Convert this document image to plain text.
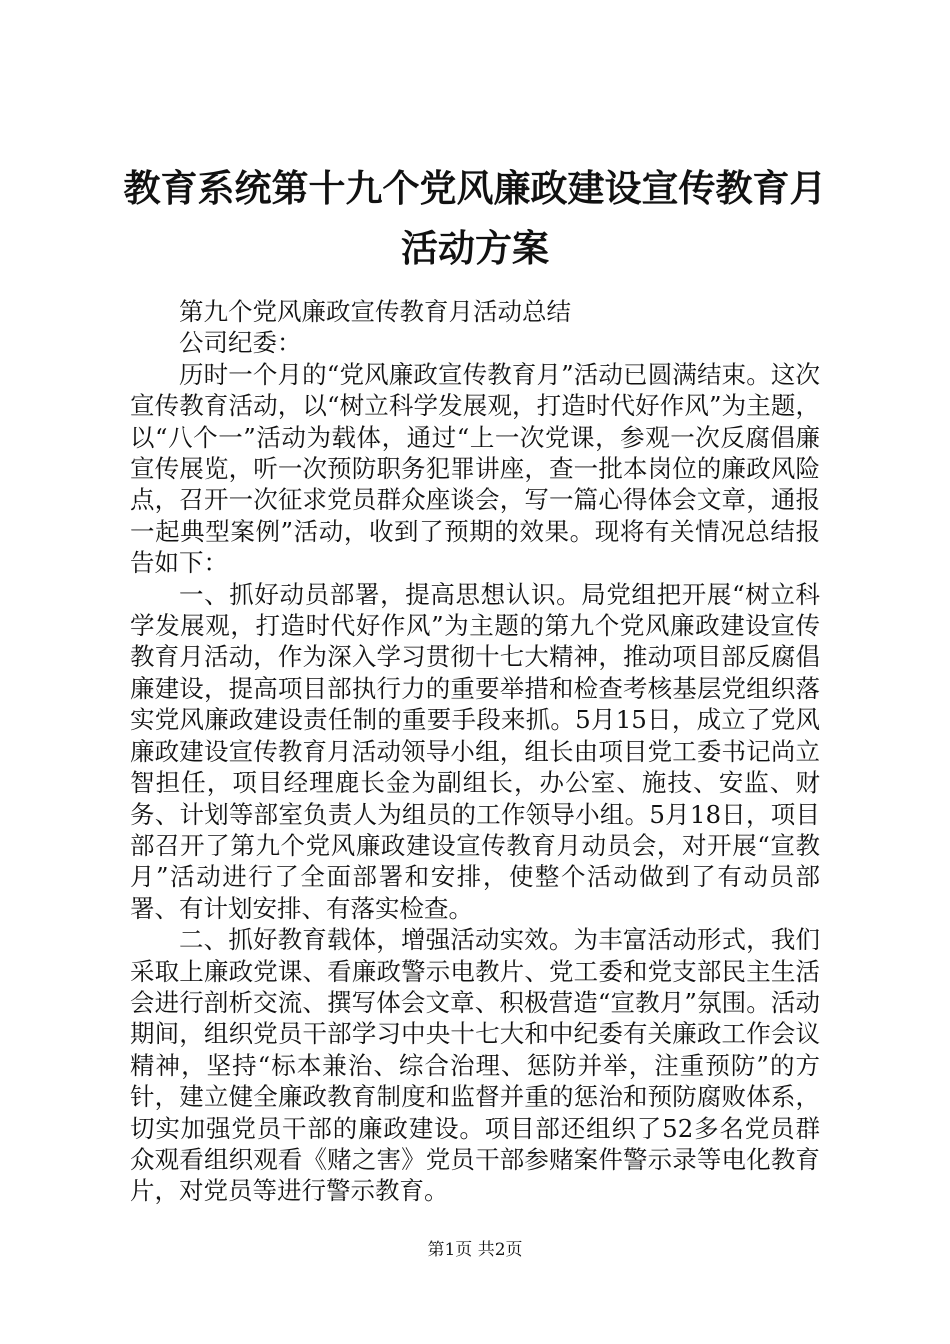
教育系统第十九个党风廉政建设宣传教育月活动方案

第九个党风廉政宣传教育月活动总结

公司纪委：

历时一个月的“党风廉政宣传教育月”活动已圆满结束。这次宣传教育活动，以“树立科学发展观，打造时代好作风”为主题，以“八个一”活动为载体，通过“上一次党课，参观一次反腐倡廉宣传展览，听一次预防职务犯罪讲座，查一批本岗位的廉政风险点，召开一次征求党员群众座谈会，写一篇心得体会文章，通报一起典型案例”活动，收到了预期的效果。现将有关情况总结报告如下：

一、抓好动员部署，提高思想认识。局党组把开展“树立科学发展观，打造时代好作风”为主题的第九个党风廉政建设宣传教育月活动，作为深入学习贯彻十七大精神，推动项目部反腐倡廉建设，提高项目部执行力的重要举措和检查考核基层党组织落实党风廉政建设责任制的重要手段来抓。5月15日，成立了党风廉政建设宣传教育月活动领导小组，组长由项目党工委书记尚立智担任，项目经理鹿长金为副组长，办公室、施技、安监、财务、计划等部室负责人为组员的工作领导小组。5月18日，项目部召开了第九个党风廉政建设宣传教育月动员会，对开展“宣教月”活动进行了全面部署和安排，使整个活动做到了有动员部署、有计划安排、有落实检查。

二、抓好教育载体，增强活动实效。为丰富活动形式，我们采取上廉政党课、看廉政警示电教片、党工委和党支部民主生活会进行剖析交流、撰写体会文章、积极营造“宣教月”氛围。活动期间，组织党员干部学习中央十七大和中纪委有关廉政工作会议精神，坚持“标本兼治、综合治理、惩防并举，注重预防”的方针，建立健全廉政教育制度和监督并重的惩治和预防腐败体系，切实加强党员干部的廉政建设。项目部还组织了52多名党员群众观看组织观看《赌之害》党员干部参赌案件警示录等电化教育片，对党员等进行警示教育。

第1页 共2页
